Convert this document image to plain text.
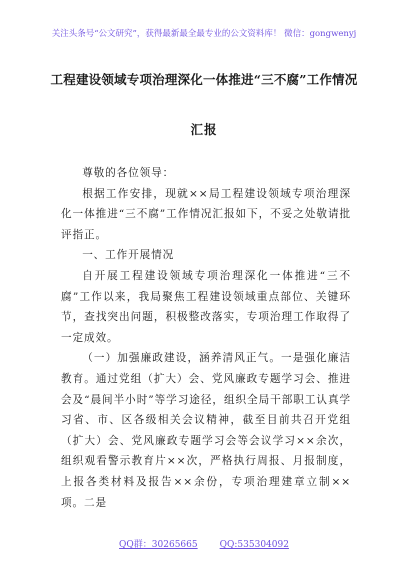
关注头条号“公文研究”，获得最新最全最专业的公文资料库！ 微信：gongwenyj
工程建设领域专项治理深化一体推进“三不腐”工作情况
汇报

尊敬的各位领导：

根据工作安排，现就××局工程建设领域专项治理深化一体推进“三不腐”工作情况汇报如下，不妥之处敬请批评指正。

一、工作开展情况

自开展工程建设领域专项治理深化一体推进“三不腐”工作以来，我局聚焦工程建设领域重点部位、关键环节，查找突出问题，积极整改落实，专项治理工作取得了一定成效。

（一）加强廉政建设，涵养清风正气。一是强化廉洁教育。通过党组（扩大）会、党风廉政专题学习会、推进会及“晨间半小时”等学习途径，组织全局干部职工认真学习省、市、区各级相关会议精神，截至目前共召开党组（扩大）会、党风廉政专题学习会等会议学习××余次，组织观看警示教育片××次，严格执行周报、月报制度，上报各类材料及报告××余份，专项治理建章立制××项。二是

QQ群：30265665 QQ:535304092
